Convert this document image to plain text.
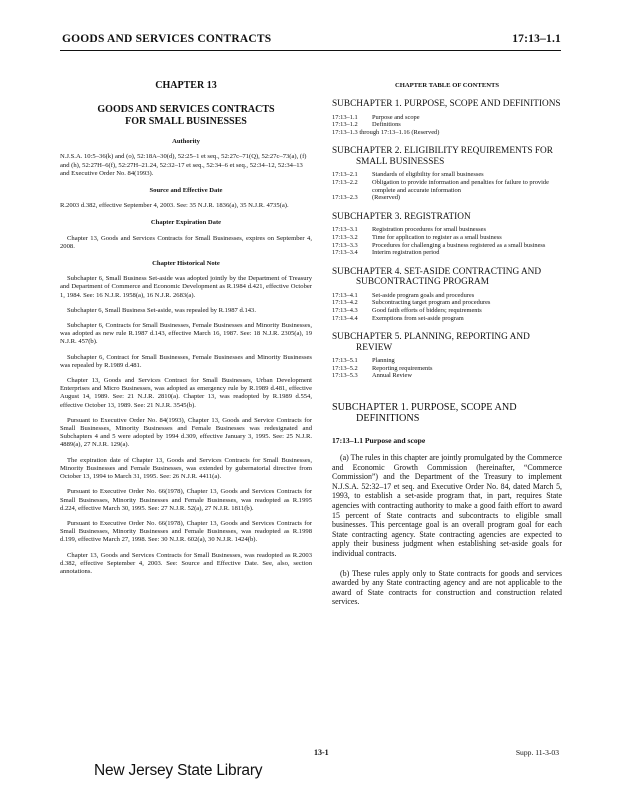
GOODS AND SERVICES CONTRACTS	17:13–1.1
CHAPTER 13
GOODS AND SERVICES CONTRACTS
FOR SMALL BUSINESSES
Authority
N.J.S.A. 10:5–36(k) and (o), 52:18A–30(d), 52:25–1 et seq., 52:27c–71(Q), 52:27c–73(a), (f) and (h), 52:27H–6(f), 52:27H–21.24, 52:32–17 et seq., 52:34–6 et seq., 52:34–12, 52:34–13 and Executive Order No. 84(1993).
Source and Effective Date

R.2003 d.382, effective September 4, 2003. See: 35 N.J.R. 1836(a), 35 N.J.R. 4735(a).

Chapter Expiration Date

Chapter 13, Goods and Services Contracts for Small Businesses, expires on September 4, 2008.

Chapter Historical Note

Subchapter 6, Small Business Set-aside was adopted jointly by the Department of Treasury and Department of Commerce and Economic Development as R.1984 d.421, effective October 1, 1984. See: 16 N.J.R. 1958(a), 16 N.J.R. 2683(a).

Subchapter 6, Small Business Set-aside, was repealed by R.1987 d.143.

Subchapter 6, Contracts for Small Businesses, Female Businesses and Minority Businesses, was adopted as new rule R.1987 d.143, effective March 16, 1987. See: 18 N.J.R. 2305(a), 19 N.J.R. 457(b).

Subchapter 6, Contract for Small Businesses, Female Businesses and Minority Businesses was repealed by R.1989 d.481.

Chapter 13, Goods and Services Contract for Small Businesses, Urban Development Enterprises and Micro Businesses, was adopted as emergency rule by R.1989 d.481, effective August 14, 1989. See: 21 N.J.R. 2810(a). Chapter 13, was readopted by R.1989 d.554, effective October 13, 1989. See: 21 N.J.R. 3545(b).

Pursuant to Executive Order No. 84(1993), Chapter 13, Goods and Service Contracts for Small Businesses, Minority Businesses and Female Businesses was redesignated and Subchapters 4 and 5 were adopted by 1994 d.309, effective January 3, 1995. See: 25 N.J.R. 4889(a), 27 N.J.R. 129(a).

The expiration date of Chapter 13, Goods and Services Contracts for Small Businesses, Minority Businesses and Female Businesses, was extended by gubernatorial directive from October 13, 1994 to March 31, 1995. See: 26 N.J.R. 4411(a).

Pursuant to Executive Order No. 66(1978), Chapter 13, Goods and Services Contracts for Small Businesses, Minority Businesses and Female Businesses, was readopted as R.1995 d.224, effective March 30, 1995. See: 27 N.J.R. 52(a), 27 N.J.R. 1811(b).

Pursuant to Executive Order No. 66(1978), Chapter 13, Goods and Services Contracts for Small Businesses, Minority Businesses and Female Businesses, was readopted as R.1998 d.199, effective March 27, 1998. See: 30 N.J.R. 602(a), 30 N.J.R. 1424(b).

Chapter 13, Goods and Services Contracts for Small Businesses, was readopted as R.2003 d.382, effective September 4, 2003. See: Source and Effective Date. See, also, section annotations.

CHAPTER TABLE OF CONTENTS
SUBCHAPTER 1. PURPOSE, SCOPE AND DEFINITIONS
17:13–1.1	Purpose and scope
17:13–1.2	Definitions
17:13–1.3 through 17:13–1.16 (Reserved)
SUBCHAPTER 2. ELIGIBILITY REQUIREMENTS FOR
SMALL BUSINESSES
17:13–2.1	Standards of eligibility for small businesses
17:13–2.2	Obligation to provide information and penalties for failure to provide complete and accurate information
17:13–2.3	(Reserved)
SUBCHAPTER 3. REGISTRATION
17:13–3.1	Registration procedures for small businesses
17:13–3.2	Time for application to register as a small business
17:13–3.3	Procedures for challenging a business registered as a small business
17:13–3.4	Interim registration period
SUBCHAPTER 4. SET-ASIDE CONTRACTING AND
SUBCONTRACTING PROGRAM
17:13–4.1	Set-aside program goals and procedures
17:13–4.2	Subcontracting target program and procedures
17:13–4.3	Good faith efforts of bidders; requirements
17:13–4.4	Exemptions from set-aside program
SUBCHAPTER 5. PLANNING, REPORTING AND
REVIEW
17:13–5.1	Planning
17:13–5.2	Reporting requirements
17:13–5.3	Annual Review
SUBCHAPTER 1. PURPOSE, SCOPE AND
DEFINITIONS
17:13–1.1 Purpose and scope

(a) The rules in this chapter are jointly promulgated by the Commerce and Economic Growth Commission (hereinafter, “Commerce Commission”) and the Department of the Treasury to implement N.J.S.A. 52:32–17 et seq. and Executive Order No. 84, dated March 5, 1993, to establish a set-aside program that, in part, requires State agencies with contracting authority to make a good faith effort to award 15 percent of State contracts and subcontracts to eligible small businesses. This percentage goal is an overall program goal for each State contracting agency. State contracting agencies are expected to apply their business judgment when establishing set-aside goals for individual contracts.

(b) These rules apply only to State contracts for goods and services awarded by any State contracting agency and are not applicable to the award of State contracts for construction and construction related services.

13-1	Supp. 11-3-03
New Jersey State Library
